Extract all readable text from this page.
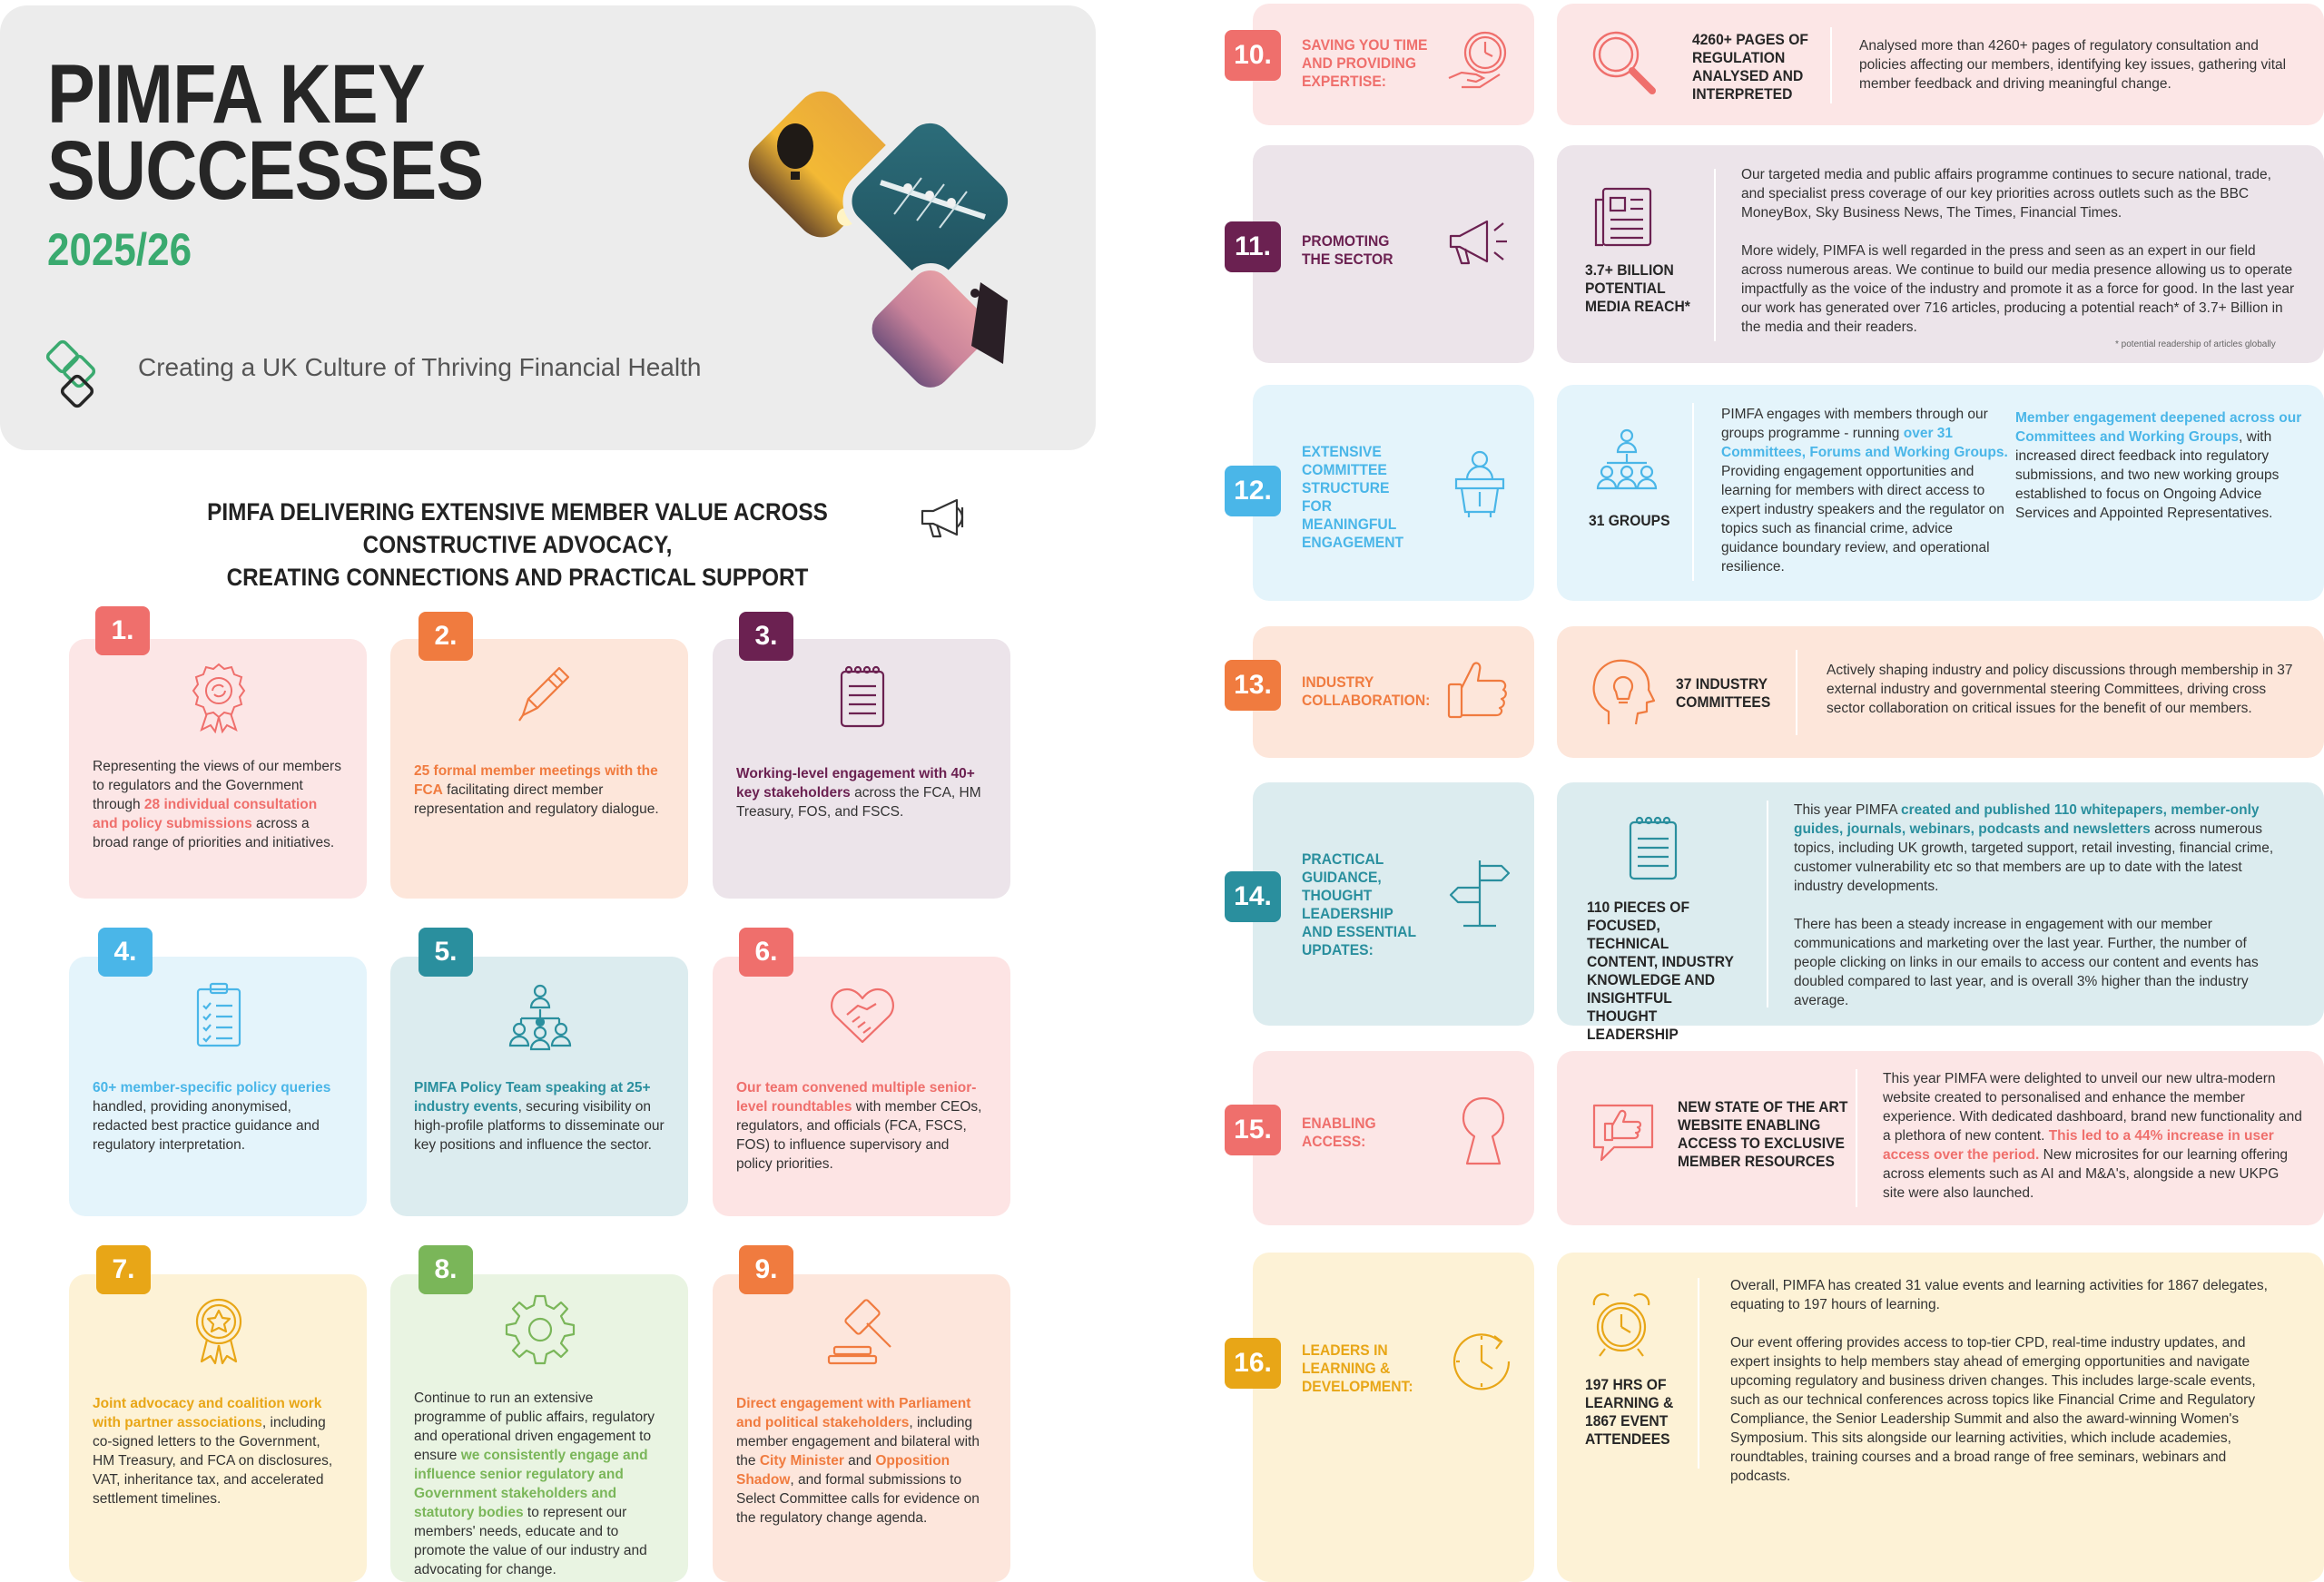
PIMFA KEY
SUCCESSES
2025/26
Creating a UK Culture of Thriving Financial Health
PIMFA DELIVERING EXTENSIVE MEMBER VALUE ACROSS CONSTRUCTIVE ADVOCACY,
CREATING CONNECTIONS AND PRACTICAL SUPPORT
Representing the views of our members to regulators and the Government through 28 individual consultation and policy submissions across a broad range of priorities and initiatives.
1.
25 formal member meetings with the FCA facilitating direct member representation and regulatory dialogue.
2.
Working-level engagement with 40+ key stakeholders across the FCA, HM Treasury, FOS, and FSCS.
3.
60+ member-specific policy queries handled, providing anonymised, redacted best practice guidance and regulatory interpretation.
4.
PIMFA Policy Team speaking at 25+ industry events, securing visibility on high-profile platforms to disseminate our key positions and influence the sector.
5.
Our team convened multiple senior-level roundtables with member CEOs, regulators, and officials (FCA, FSCS, FOS) to influence supervisory and policy priorities.
6.
Joint advocacy and coalition work with partner associations, including co-signed letters to the Government, HM Treasury, and FCA on disclosures, VAT, inheritance tax, and accelerated settlement timelines.
7.
Continue to run an extensive programme of public affairs, regulatory and operational driven engagement to ensure we consistently engage and influence senior regulatory and Government stakeholders and statutory bodies to represent our members' needs, educate and to promote the value of our industry and advocating for change.
8.
Direct engagement with Parliament and political stakeholders, including member engagement and bilateral with the City Minister and Opposition Shadow, and formal submissions to Select Committee calls for evidence on the regulatory change agenda.
9.
10.	SAVING YOU TIME AND PROVIDING EXPERTISE:
4260+ PAGES OF REGULATION ANALYSED AND INTERPRETED
Analysed more than 4260+ pages of regulatory consultation and policies affecting our members, identifying key issues, gathering vital member feedback and driving meaningful change.
11.	PROMOTING THE SECTOR
3.7+ BILLION POTENTIAL MEDIA REACH*
Our targeted media and public affairs programme continues to secure national, trade, and specialist press coverage of our key priorities across outlets such as the BBC MoneyBox, Sky Business News, The Times, Financial Times.
More widely, PIMFA is well regarded in the press and seen as an expert in our field across numerous areas. We continue to build our media presence allowing us to operate impactfully as the voice of the industry and promote it as a force for good. In the last year our work has generated over 716 articles, producing a potential reach* of 3.7+ Billion in the media and their readers.
* potential readership of articles globally
12.
EXTENSIVE COMMITTEE STRUCTURE FOR MEANINGFUL ENGAGEMENT
31 GROUPS
PIMFA engages with members through our groups programme - running over 31 Committees, Forums and Working Groups. Providing engagement opportunities and learning for members with direct access to expert industry speakers and the regulator on topics such as financial crime, advice guidance boundary review, and operational resilience.
Member engagement deepened across our Committees and Working Groups, with increased direct feedback into regulatory submissions, and two new working groups established to focus on Ongoing Advice Services and Appointed Representatives.
13.	INDUSTRY COLLABORATION:
37 INDUSTRY COMMITTEES
Actively shaping industry and policy discussions through membership in 37 external industry and governmental steering Committees, driving cross sector collaboration on critical issues for the benefit of our members.
14.
PRACTICAL GUIDANCE, THOUGHT LEADERSHIP AND ESSENTIAL UPDATES:
110 PIECES OF FOCUSED, TECHNICAL CONTENT, INDUSTRY KNOWLEDGE AND INSIGHTFUL THOUGHT LEADERSHIP
This year PIMFA created and published 110 whitepapers, member-only guides, journals, webinars, podcasts and newsletters across numerous topics, including UK growth, targeted support, retail investing, financial crime, customer vulnerability etc so that members are up to date with the latest industry developments.
There has been a steady increase in engagement with our member communications and marketing over the last year. Further, the number of people clicking on links in our emails to access our content and events has doubled compared to last year, and is overall 3% higher than the industry average.
15.	ENABLING ACCESS:
NEW STATE OF THE ART WEBSITE ENABLING ACCESS TO EXCLUSIVE MEMBER RESOURCES
This year PIMFA were delighted to unveil our new ultra-modern website created to personalised and enhance the member experience. With dedicated dashboard, brand new functionality and a plethora of new content. This led to a 44% increase in user access over the period. New microsites for our learning offering across elements such as AI and M&A's, alongside a new UKPG site were also launched.
16.	LEADERS IN LEARNING & DEVELOPMENT:	197 HRS OF LEARNING & 1867 EVENT ATTENDEES
Overall, PIMFA has created 31 value events and learning activities for 1867 delegates, equating to 197 hours of learning.
Our event offering provides access to top-tier CPD, real-time industry updates, and expert insights to help members stay ahead of emerging opportunities and navigate upcoming regulatory and business driven changes. This includes large-scale events, such as our technical conferences across topics like Financial Crime and Regulatory Compliance, the Senior Leadership Summit and also the award-winning Women's Symposium. This sits alongside our learning activities, which include academies, roundtables, training courses and a broad range of free seminars, webinars and podcasts.
